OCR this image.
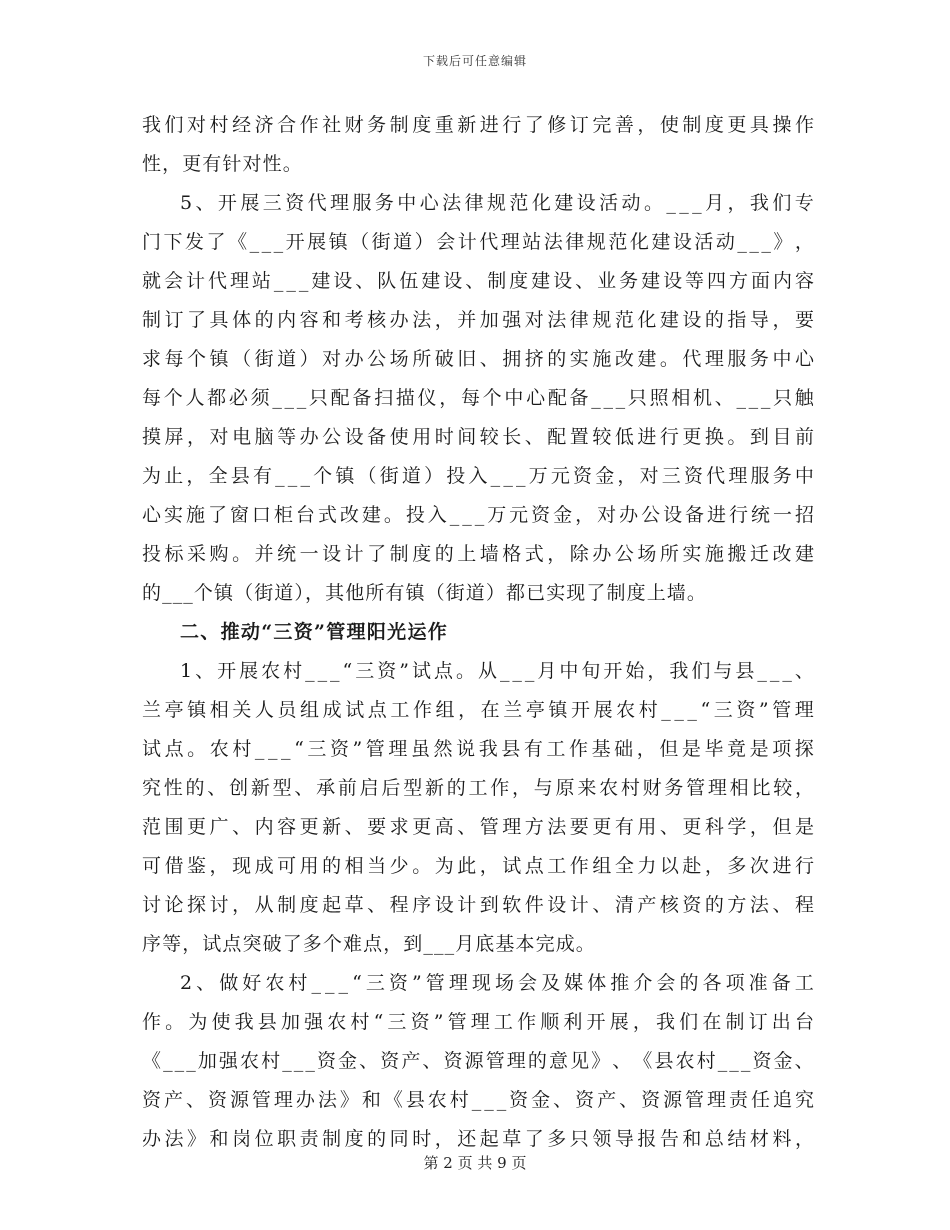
下载后可任意编辑
我 们 对 村 经 济 合 作 社 财 务 制 度 重 新 进 行 了 修 订 完 善 ， 使 制 度 更 具 操 作
性，更有针对性。
5 、 开 展 三 资 代 理 服 务 中 心 法 律 规 范 化 建 设 活 动 。 _ _ _ 月 ， 我 们 专
门 下 发 了 《 _ _ _ 开 展 镇 （ 街 道 ） 会 计 代 理 站 法 律 规 范 化 建 设 活 动 _ _ _ 》 ，
就 会 计 代 理 站 _ _ _ 建 设 、 队 伍 建 设 、 制 度 建 设 、 业 务 建 设 等 四 方 面 内 容
制 订 了 具 体 的 内 容 和 考 核 办 法 ， 并 加 强 对 法 律 规 范 化 建 设 的 指 导 ， 要
求 每 个 镇 （ 街 道 ） 对 办 公 场 所 破 旧 、 拥 挤 的 实 施 改 建 。 代 理 服 务 中 心
每 个 人 都 必 须 _ _ _ 只 配 备 扫 描 仪 ， 每 个 中 心 配 备 _ _ _ 只 照 相 机 、 _ _ _ 只 触
摸 屏 ， 对 电 脑 等 办 公 设 备 使 用 时 间 较 长 、 配 置 较 低 进 行 更 换 。 到 目 前
为 止 ， 全 县 有 _ _ _ 个 镇 （ 街 道 ） 投 入 _ _ _ 万 元 资 金 ， 对 三 资 代 理 服 务 中
心 实 施 了 窗 口 柜 台 式 改 建 。 投 入 _ _ _ 万 元 资 金 ， 对 办 公 设 备 进 行 统 一 招
投 标 采 购 。 并 统 一 设 计 了 制 度 的 上 墙 格 式 ， 除 办 公 场 所 实 施 搬 迁 改 建
的___个镇（街道），其他所有镇（街道）都已实现了制度上墙。
二、推动“三资”管理阳光运作
1 、 开 展 农 村 _ _ _ “ 三 资 ” 试 点 。 从 _ _ _ 月 中 旬 开 始 ， 我 们 与 县 _ _ _ 、
兰 亭 镇 相 关 人 员 组 成 试 点 工 作 组 ， 在 兰 亭 镇 开 展 农 村 _ _ _ “ 三 资 ” 管 理
试 点 。 农 村 _ _ _ “ 三 资 ” 管 理 虽 然 说 我 县 有 工 作 基 础 ， 但 是 毕 竟 是 项 探
究 性 的 、 创 新 型 、 承 前 启 后 型 新 的 工 作 ， 与 原 来 农 村 财 务 管 理 相 比 较 ，
范 围 更 广 、 内 容 更 新 、 要 求 更 高 、 管 理 方 法 要 更 有 用 、 更 科 学 ， 但 是
可 借 鉴 ， 现 成 可 用 的 相 当 少 。 为 此 ， 试 点 工 作 组 全 力 以 赴 ， 多 次 进 行
讨 论 探 讨 ， 从 制 度 起 草 、 程 序 设 计 到 软 件 设 计 、 清 产 核 资 的 方 法 、 程
序等，试点突破了多个难点，到___月底基本完成。
2 、 做 好 农 村 _ _ _ “ 三 资 ” 管 理 现 场 会 及 媒 体 推 介 会 的 各 项 准 备 工
作 。 为 使 我 县 加 强 农 村 “ 三 资 ” 管 理 工 作 顺 利 开 展 ， 我 们 在 制 订 出 台
《 _ _ _ 加 强 农 村 _ _ _ 资 金 、 资 产 、 资 源 管 理 的 意 见 》 、 《 县 农 村 _ _ _ 资 金 、
资 产 、 资 源 管 理 办 法 》 和 《 县 农 村 _ _ _ 资 金 、 资 产 、 资 源 管 理 责 任 追 究
办 法 》 和 岗 位 职 责 制 度 的 同 时 ， 还 起 草 了 多 只 领 导 报 告 和 总 结 材 料 ，
第 2 页 共 9 页
